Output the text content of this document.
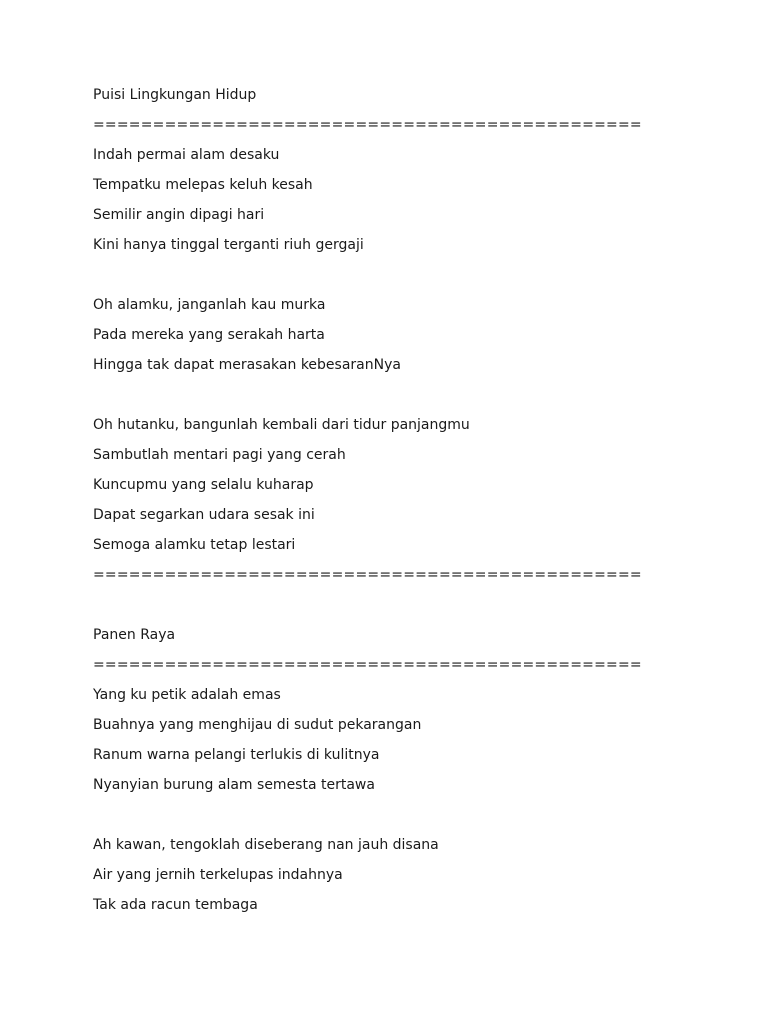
Puisi Lingkungan Hidup
==============================================
Indah permai alam desaku
Tempatku melepas keluh kesah
Semilir angin dipagi hari
Kini hanya tinggal terganti riuh gergaji
Oh alamku, janganlah kau murka
Pada mereka yang serakah harta
Hingga tak dapat merasakan kebesaranNya
Oh hutanku, bangunlah kembali dari tidur panjangmu
Sambutlah mentari pagi yang cerah
Kuncupmu yang selalu kuharap
Dapat segarkan udara sesak ini
Semoga alamku tetap lestari
==============================================
Panen Raya
==============================================
Yang ku petik adalah emas
Buahnya yang menghijau di sudut pekarangan
Ranum warna pelangi terlukis di kulitnya
Nyanyian burung alam semesta tertawa
Ah kawan, tengoklah diseberang nan jauh disana
Air yang jernih terkelupas indahnya
Tak ada racun tembaga
